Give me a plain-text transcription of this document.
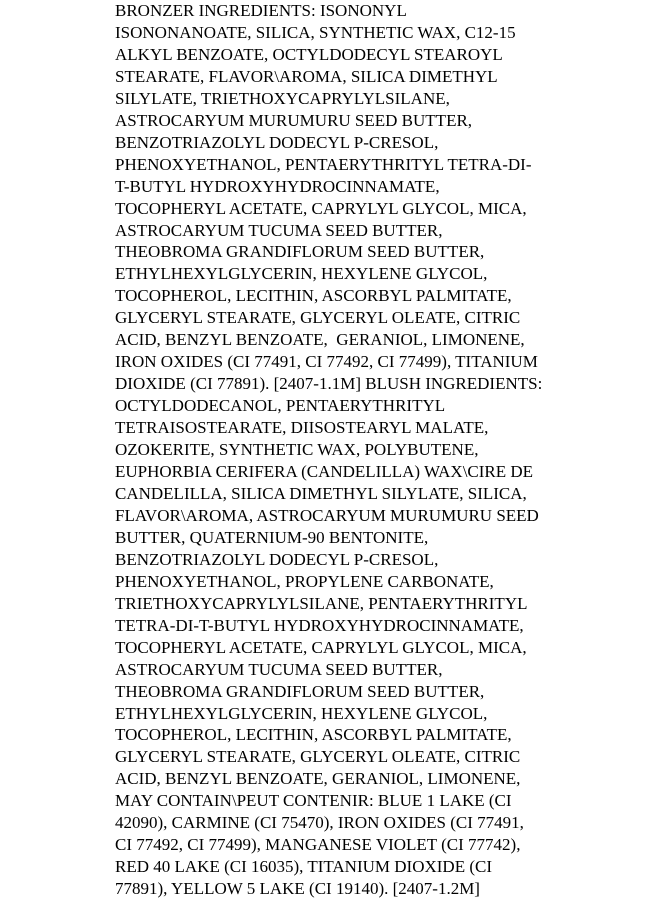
BRONZER INGREDIENTS: ISONONYL
ISONONANOATE, SILICA, SYNTHETIC WAX, C12-15
ALKYL BENZOATE, OCTYLDODECYL STEAROYL
STEARATE, FLAVOR\AROMA, SILICA DIMETHYL
SILYLATE, TRIETHOXYCAPRYLYLSILANE,
ASTROCARYUM MURUMURU SEED BUTTER,
BENZOTRIAZOLYL DODECYL P-CRESOL,
PHENOXYETHANOL, PENTAERYTHRITYL TETRA-DI-
T-BUTYL HYDROXYHYDROCINNAMATE,
TOCOPHERYL ACETATE, CAPRYLYL GLYCOL, MICA,
ASTROCARYUM TUCUMA SEED BUTTER,
THEOBROMA GRANDIFLORUM SEED BUTTER,
ETHYLHEXYLGLYCERIN, HEXYLENE GLYCOL,
TOCOPHEROL, LECITHIN, ASCORBYL PALMITATE,
GLYCERYL STEARATE, GLYCERYL OLEATE, CITRIC
ACID, BENZYL BENZOATE,  GERANIOL, LIMONENE,
IRON OXIDES (CI 77491, CI 77492, CI 77499), TITANIUM
DIOXIDE (CI 77891). [2407-1.1M] BLUSH INGREDIENTS:
OCTYLDODECANOL, PENTAERYTHRITYL
TETRAISOSTEARATE, DIISOSTEARYL MALATE,
OZOKERITE, SYNTHETIC WAX, POLYBUTENE,
EUPHORBIA CERIFERA (CANDELILLA) WAX\CIRE DE
CANDELILLA, SILICA DIMETHYL SILYLATE, SILICA,
FLAVOR\AROMA, ASTROCARYUM MURUMURU SEED
BUTTER, QUATERNIUM-90 BENTONITE,
BENZOTRIAZOLYL DODECYL P-CRESOL,
PHENOXYETHANOL, PROPYLENE CARBONATE,
TRIETHOXYCAPRYLYLSILANE, PENTAERYTHRITYL
TETRA-DI-T-BUTYL HYDROXYHYDROCINNAMATE,
TOCOPHERYL ACETATE, CAPRYLYL GLYCOL, MICA,
ASTROCARYUM TUCUMA SEED BUTTER,
THEOBROMA GRANDIFLORUM SEED BUTTER,
ETHYLHEXYLGLYCERIN, HEXYLENE GLYCOL,
TOCOPHEROL, LECITHIN, ASCORBYL PALMITATE,
GLYCERYL STEARATE, GLYCERYL OLEATE, CITRIC
ACID, BENZYL BENZOATE, GERANIOL, LIMONENE,
MAY CONTAIN\PEUT CONTENIR: BLUE 1 LAKE (CI
42090), CARMINE (CI 75470), IRON OXIDES (CI 77491,
CI 77492, CI 77499), MANGANESE VIOLET (CI 77742),
RED 40 LAKE (CI 16035), TITANIUM DIOXIDE (CI
77891), YELLOW 5 LAKE (CI 19140). [2407-1.2M]
